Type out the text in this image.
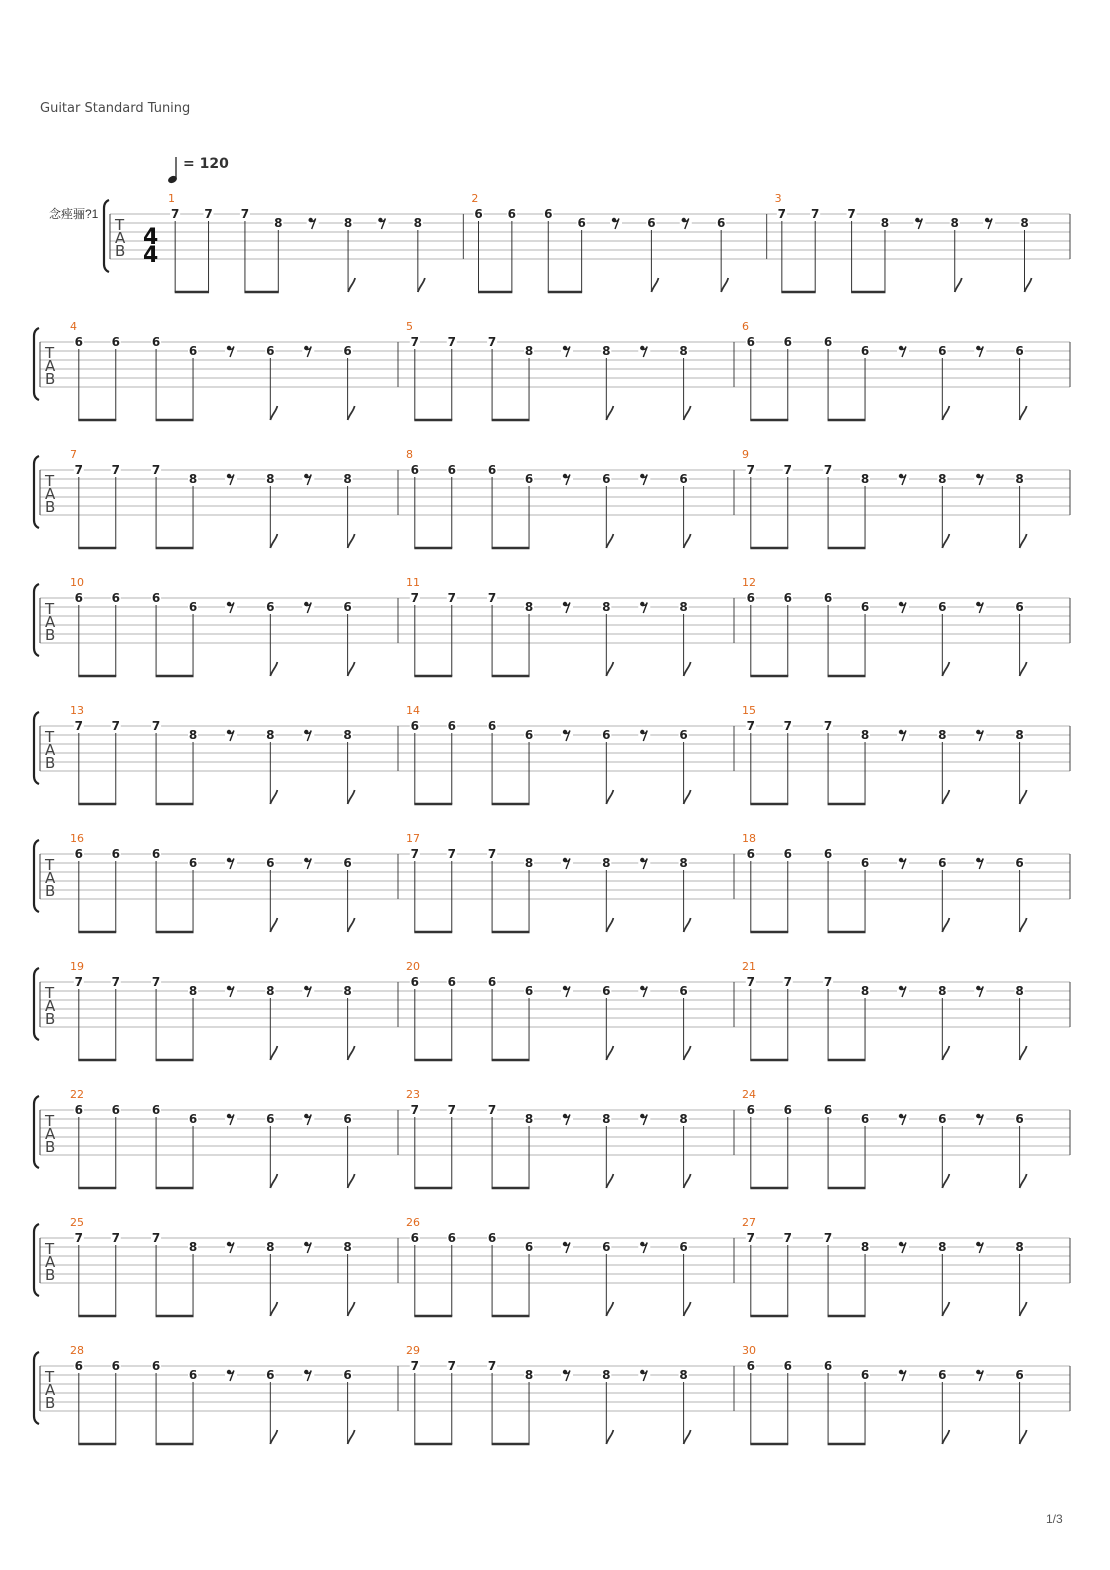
Guitar Standard Tuning
= 120
念痤骊?1
T
A
B
4
4
1
7 7 7
8	8	8
2
6 6 6
6	6	6
3
7 7 7
8	8	8
T
A
B
4
6 6	6
6	6	6
5
7 7	7
8	8	8
6
6 6	6
6	6	6
T
A
B
7
7 7	7
8	8	8
8
6 6	6
6	6	6
9
7 7	7
8	8	8
T
A
B
10
6 6	6
6	6	6
11
7 7	7
8	8	8
12
6 6	6
6	6	6
T
A
B
13
7 7	7
8	8	8
14
6 6	6
6	6	6
15
7 7	7
8	8	8
T
A
B
16
6 6	6
6	6	6
17
7 7	7
8	8	8
18
6 6	6
6	6	6
T
A
B
19
7 7	7
8	8	8
20
6 6	6
6	6	6
21
7 7	7
8	8	8
T
A
B
22
6 6	6
6	6	6
23
7 7	7
8	8	8
24
6 6	6
6	6	6
T
A
B
25
7 7	7
8	8	8
26
6 6	6
6	6	6
27
7 7	7
8	8	8
T
A
B
28
6 6	6
6	6	6
29
7 7	7
8	8	8
30
6 6	6
6	6	6
1/3
